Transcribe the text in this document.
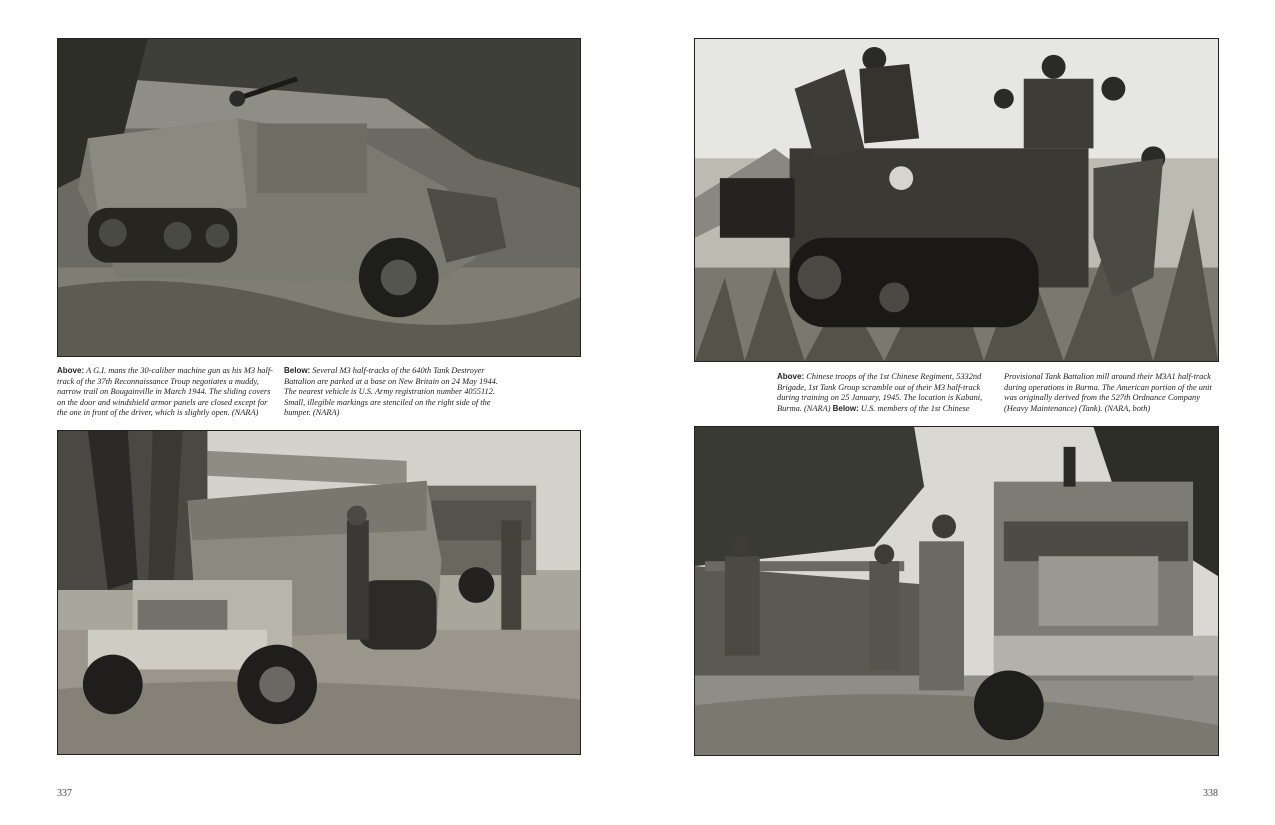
Above: A G.I. mans the 30-caliber machine gun as his M3 half-track of the 37th Reconnaissance Troup negotiates a muddy, narrow trail on Bougainville in March 1944. The sliding covers on the door and windshield armor panels are closed except for the one in front of the driver, which is slightly open. (NARA)
Below: Several M3 half-tracks of the 640th Tank Destroyer Battalion are parked at a base on New Britain on 24 May 1944. The nearest vehicle is U.S. Army registration number 4055112. Small, illegible markings are stenciled on the right side of the bumper. (NARA)
Above: Chinese troops of the 1st Chinese Regiment, 5332nd Brigade, 1st Tank Group scramble out of their M3 half-track during training on 25 January, 1945. The location is Kabani, Burma. (NARA) Below: U.S. members of the 1st Chinese
Provisional Tank Battalion mill around their M3A1 half-track during operations in Burma. The American portion of the unit was originally derived from the 527th Ordnance Company (Heavy Maintenance) (Tank). (NARA, both)
337	338
